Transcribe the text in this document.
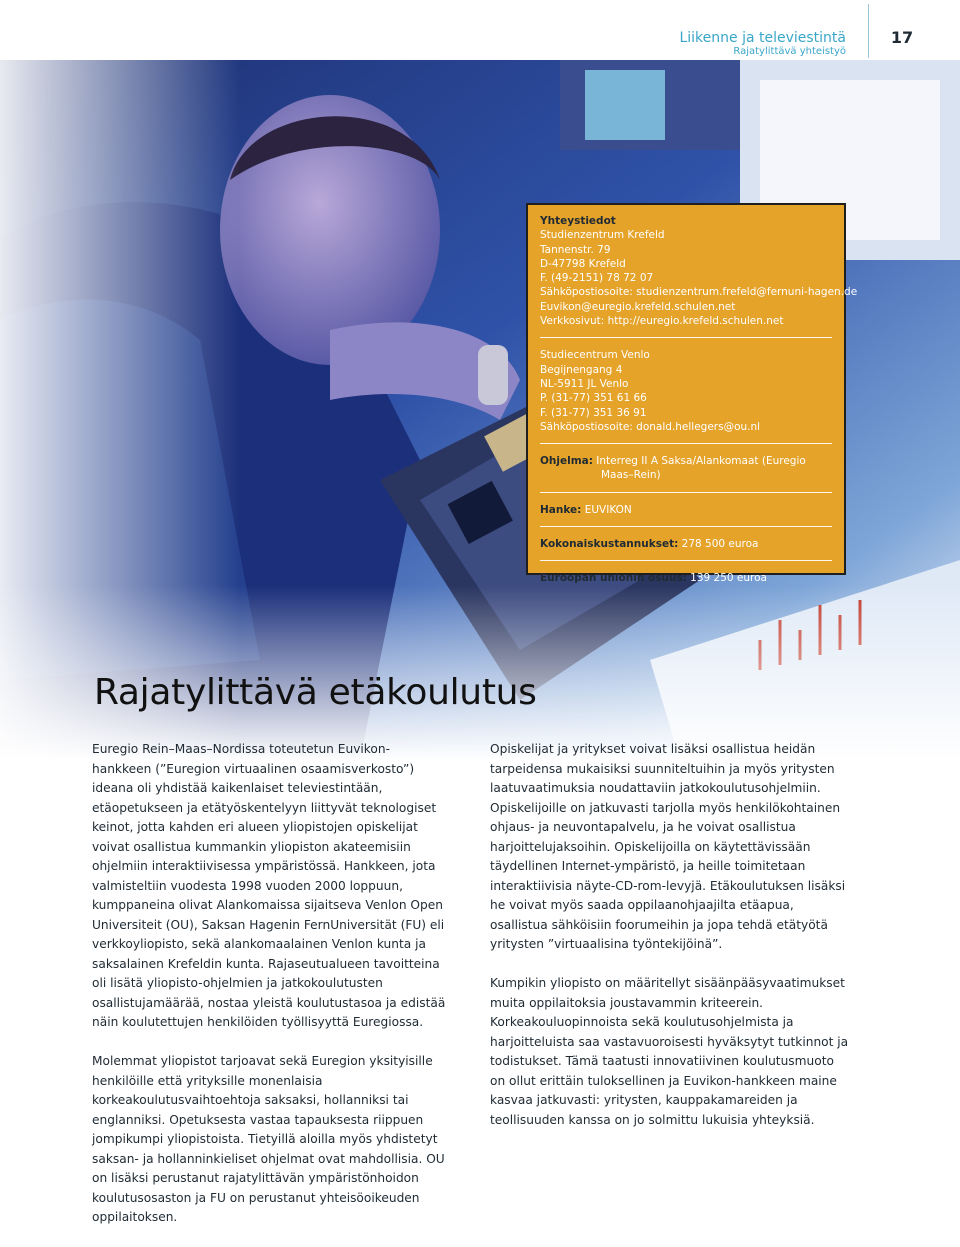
Liikenne ja televiestintä
Rajatylittävä yhteistyö
17
Yhteystiedot
Studienzentrum Krefeld
Tannenstr. 79
D-47798 Krefeld
F. (49-2151) 78 72 07
Sähköpostiosoite: studienzentrum.frefeld@fernuni-hagen.de
Euvikon@euregio.krefeld.schulen.net
Verkkosivut: http://euregio.krefeld.schulen.net
Studiecentrum Venlo
Begijnengang 4
NL-5911 JL Venlo
P. (31-77) 351 61 66
F. (31-77) 351 36 91
Sähköpostiosoite: donald.hellegers@ou.nl
Ohjelma: Interreg II A Saksa/Alankomaat (Euregio
Maas–Rein)
Hanke: EUVIKON
Kokonaiskustannukset: 278 500 euroa
Euroopan unionin osuus: 139 250 euroa
Rajatylittävä etäkoulutus

Euregio Rein–Maas–Nordissa toteutetun Euvikon-
hankkeen (”Euregion virtuaalinen osaamisverkosto”)
ideana oli yhdistää kaikenlaiset televiestintään,
etäopetukseen ja etätyöskentelyyn liittyvät teknologiset
keinot, jotta kahden eri alueen yliopistojen opiskelijat
voivat osallistua kummankin yliopiston akateemisiin
ohjelmiin interaktiivisessa ympäristössä. Hankkeen, jota
valmisteltiin vuodesta 1998 vuoden 2000 loppuun,
kumppaneina olivat Alankomaissa sijaitseva Venlon Open
Universiteit (OU), Saksan Hagenin FernUniversität (FU) eli
verkkoyliopisto, sekä alankomaalainen Venlon kunta ja
saksalainen Krefeldin kunta. Rajaseutualueen tavoitteina
oli lisätä yliopisto-ohjelmien ja jatkokoulutusten
osallistujamäärää, nostaa yleistä koulutustasoa ja edistää
näin koulutettujen henkilöiden työllisyyttä Euregiossa.

Molemmat yliopistot tarjoavat sekä Euregion yksityisille
henkilöille että yrityksille monenlaisia
korkeakoulutusvaihtoehtoja saksaksi, hollanniksi tai
englanniksi. Opetuksesta vastaa tapauksesta riippuen
jompikumpi yliopistoista. Tietyillä aloilla myös yhdistetyt
saksan- ja hollanninkieliset ohjelmat ovat mahdollisia. OU
on lisäksi perustanut rajatylittävän ympäristönhoidon
koulutusosaston ja FU on perustanut yhteisöoikeuden
oppilaitoksen.

Opiskelijat ja yritykset voivat lisäksi osallistua heidän
tarpeidensa mukaisiksi suunniteltuihin ja myös yritysten
laatuvaatimuksia noudattaviin jatkokoulutusohjelmiin.
Opiskelijoille on jatkuvasti tarjolla myös henkilökohtainen
ohjaus- ja neuvontapalvelu, ja he voivat osallistua
harjoittelujaksoihin. Opiskelijoilla on käytettävissään
täydellinen Internet-ympäristö, ja heille toimitetaan
interaktiivisia näyte-CD-rom-levyjä. Etäkoulutuksen lisäksi
he voivat myös saada oppilaanohjaajilta etäapua,
osallistua sähköisiin foorumeihin ja jopa tehdä etätyötä
yritysten ”virtuaalisina työntekijöinä”.

Kumpikin yliopisto on määritellyt sisäänpääsyvaatimukset
muita oppilaitoksia joustavammin kriteerein.
Korkeakouluopinnoista sekä koulutusohjelmista ja
harjoitteluista saa vastavuoroisesti hyväksytyt tutkinnot ja
todistukset. Tämä taatusti innovatiivinen koulutusmuoto
on ollut erittäin tuloksellinen ja Euvikon-hankkeen maine
kasvaa jatkuvasti: yritysten, kauppakamareiden ja
teollisuuden kanssa on jo solmittu lukuisia yhteyksiä.
